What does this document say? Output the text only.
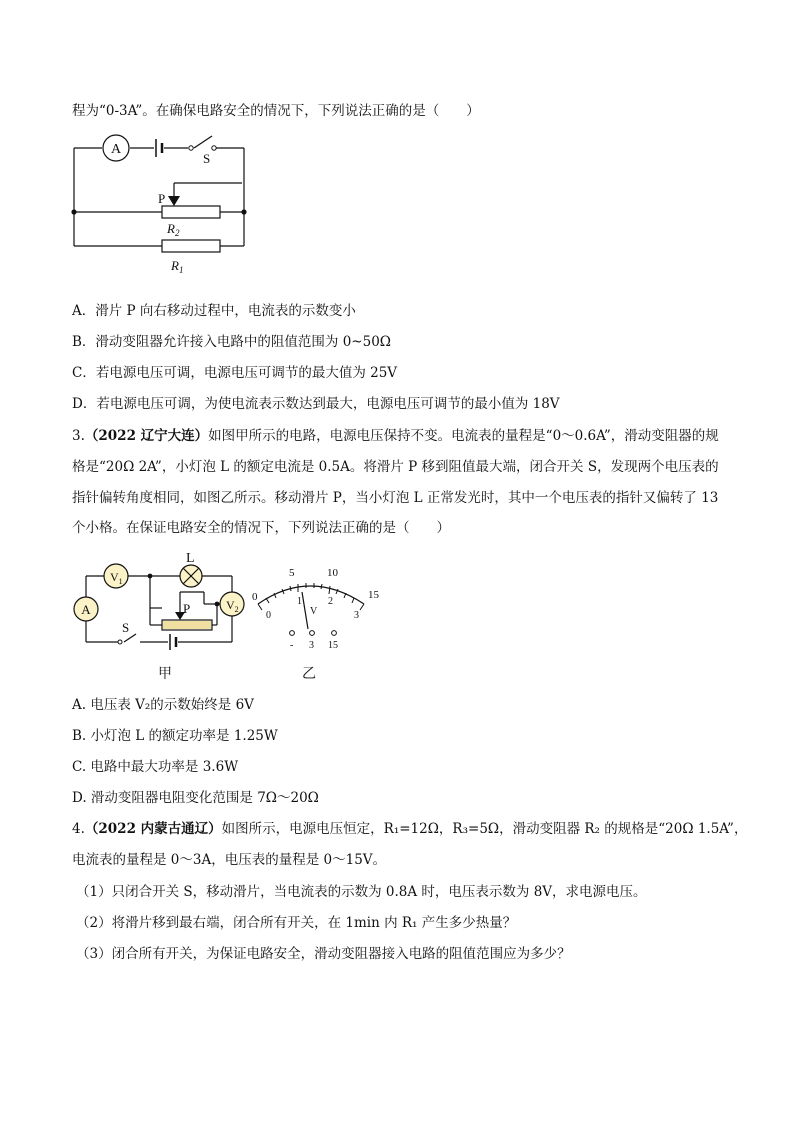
程为“0-3A”。在确保电路安全的情况下，下列说法正确的是（　　）
A
S
P
$R_2$
$R_1$
A．滑片 P 向右移动过程中，电流表的示数变小
B．滑动变阻器允许接入电路中的阻值范围为 0~50Ω
C．若电源电压可调，电源电压可调节的最大值为 25V
D．若电源电压可调，为使电流表示数达到最大，电源电压可调节的最小值为 18V
3.（2022 辽宁大连）如图甲所示的电路，电源电压保持不变。电流表的量程是“0～0.6A”，滑动变阻器的规
格是“20Ω 2A”，小灯泡 L 的额定电流是 0.5A。将滑片 P 移到阻值最大端，闭合开关 S，发现两个电压表的
指针偏转角度相同，如图乙所示。移动滑片 P，当小灯泡 L 正常发光时，其中一个电压表的指针又偏转了 13
个小格。在保证电路安全的情况下，下列说法正确的是（　　）
P
$V_1$
L
$V_2$
A
S
甲
0
5	10
15
0
1	2
3
V
- 3 15
乙
A. 电压表 V₂的示数始终是 6V
B. 小灯泡 L 的额定功率是 1.25W
C. 电路中最大功率是 3.6W
D. 滑动变阻器电阻变化范围是 7Ω～20Ω
4.（2022 内蒙古通辽）如图所示，电源电压恒定，R₁=12Ω，R₃=5Ω，滑动变阻器 R₂ 的规格是“20Ω 1.5A”，
电流表的量程是 0～3A，电压表的量程是 0～15V。
（1）只闭合开关 S，移动滑片，当电流表的示数为 0.8A 时，电压表示数为 8V，求电源电压。
（2）将滑片移到最右端，闭合所有开关，在 1min 内 R₁ 产生多少热量？
（3）闭合所有开关，为保证电路安全，滑动变阻器接入电路的阻值范围应为多少？
